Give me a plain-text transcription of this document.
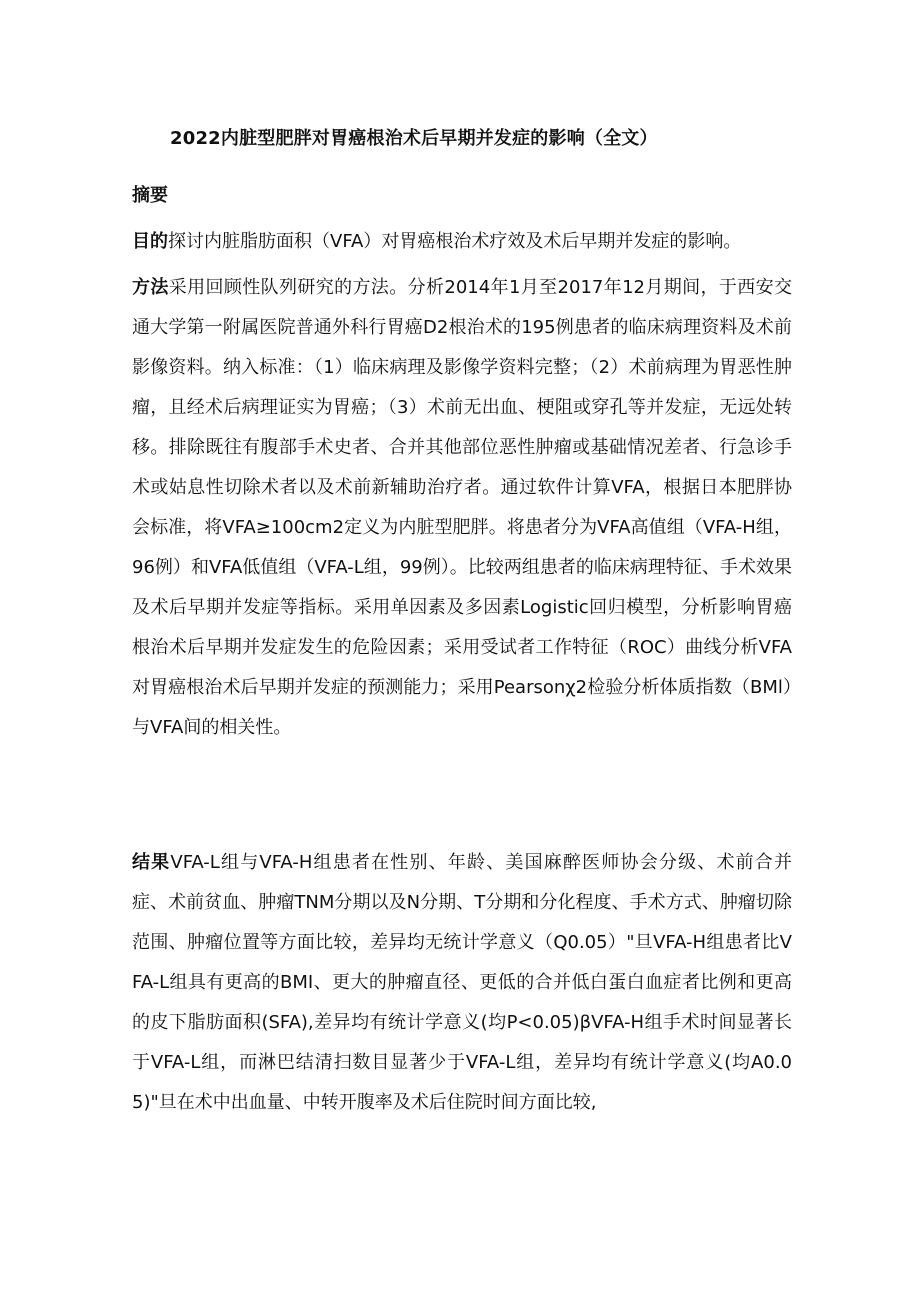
2022内脏型肥胖对胃癌根治术后早期并发症的影响（全文）
摘要

目的探讨内脏脂肪面积（VFA）对胃癌根治术疗效及术后早期并发症的影响。

方法采用回顾性队列研究的方法。分析2014年1月至2017年12月期间，于西安交通大学第一附属医院普通外科行胃癌D2根治术的195例患者的临床病理资料及术前影像资料。纳入标准：（1）临床病理及影像学资料完整；（2）术前病理为胃恶性肿瘤，且经术后病理证实为胃癌；（3）术前无出血、梗阻或穿孔等并发症，无远处转移。排除既往有腹部手术史者、合并其他部位恶性肿瘤或基础情况差者、行急诊手术或姑息性切除术者以及术前新辅助治疗者。通过软件计算VFA，根据日本肥胖协会标准，将VFA≥100cm2定义为内脏型肥胖。将患者分为VFA高值组（VFA-H组，96例）和VFA低值组（VFA-L组，99例）。比较两组患者的临床病理特征、手术效果及术后早期并发症等指标。采用单因素及多因素Logistic回归模型，分析影响胃癌根治术后早期并发症发生的危险因素；采用受试者工作特征（ROC）曲线分析VFA对胃癌根治术后早期并发症的预测能力；采用Pearsonχ2检验分析体质指数（BMl）与VFA间的相关性。

结果VFA-L组与VFA-H组患者在性别、年龄、美国麻醉医师协会分级、术前合并症、术前贫血、肿瘤TNM分期以及N分期、T分期和分化程度、手术方式、肿瘤切除范围、肿瘤位置等方面比较，差异均无统计学意义（Q0.05）"旦VFA-H组患者比VFA-L组具有更高的BMI、更大的肿瘤直径、更低的合并低白蛋白血症者比例和更高的皮下脂肪面积(SFA),差异均有统计学意义(均P<0.05)βVFA-H组手术时间显著长于VFA-L组，而淋巴结清扫数目显著少于VFA-L组，差异均有统计学意义(均A0.05)"旦在术中出血量、中转开腹率及术后住院时间方面比较,
